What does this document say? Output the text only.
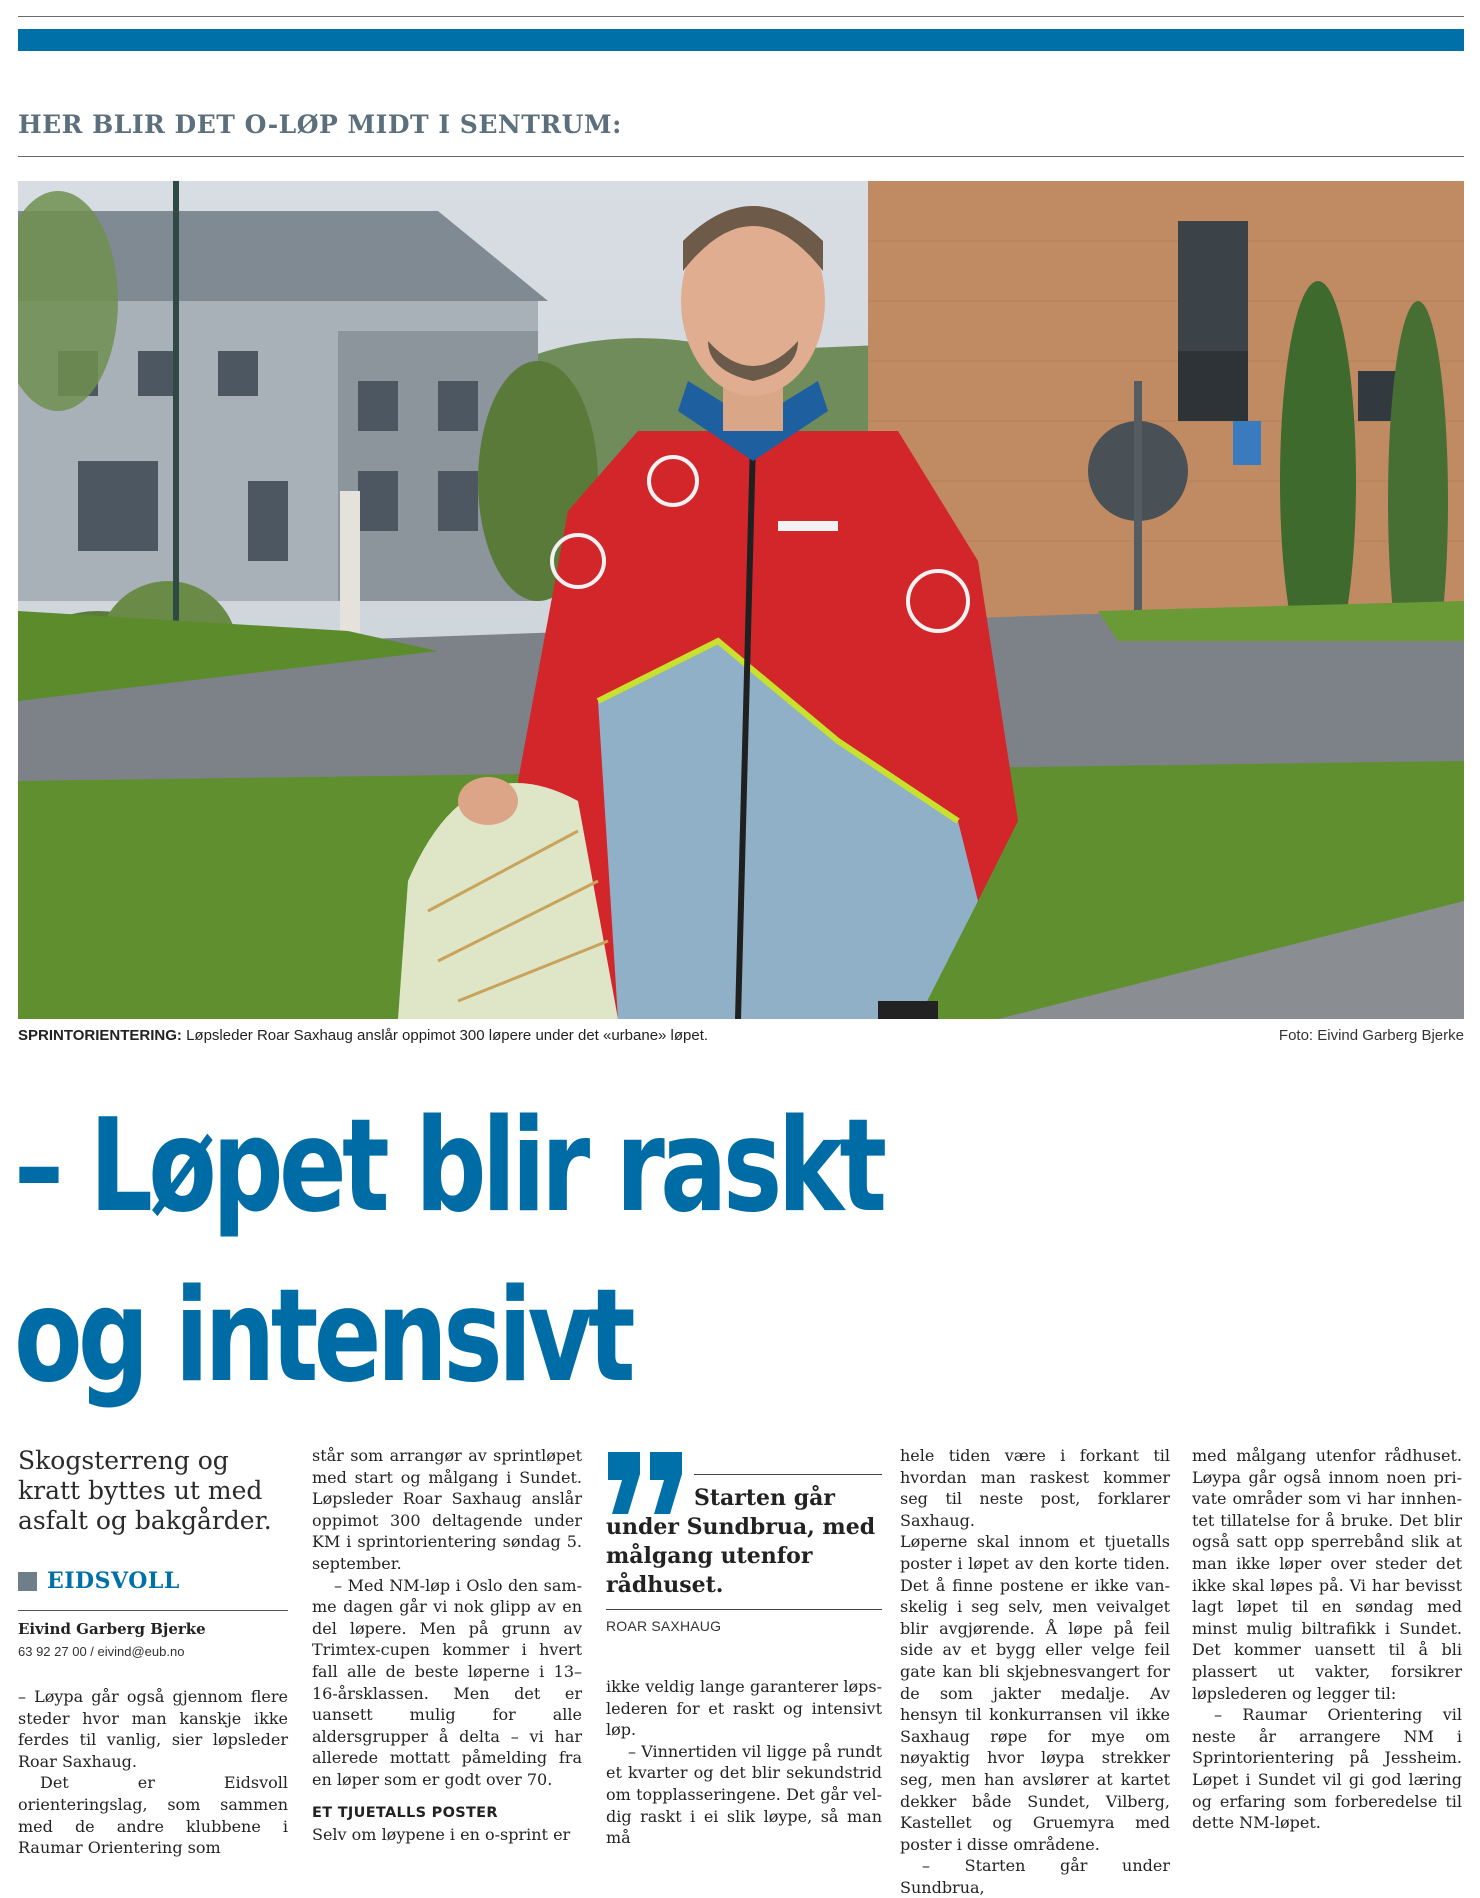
HER BLIR DET O-LØP MIDT I SENTRUM:
SPRINTORIENTERING: Løpsleder Roar Saxhaug anslår oppimot 300 løpere under det «urbane» løpet.	Foto: Eivind Garberg Bjerke
– Løpet blir raskt
og intensivt
Skogsterreng og kratt byttes ut med asfalt og bakgårder.
EIDSVOLL
Eivind Garberg Bjerke
63 92 27 00 / eivind@eub.no

– Løypa går også gjennom flere steder hvor man kanskje ikke ferdes til vanlig, sier løpsleder Roar Saxhaug.

Det er Eidsvoll orienteringslag, som sammen med de andre klubbene i Raumar Orientering som

står som arrangør av sprintløpet med start og målgang i Sundet. Løpsleder Roar Saxhaug anslår oppimot 300 deltagende under KM i sprintorientering søndag 5. september.

– Med NM-løp i Oslo den samme dagen går vi nok glipp av en del løpere. Men på grunn av Trimtex-cupen kommer i hvert fall alle de beste løperne i 13–16-årsklassen. Men det er uansett mulig for alle aldersgrupper å delta – vi har allerede mottatt påmelding fra en løper som er godt over 70.

ET TJUETALLS POSTER

Selv om løypene i en o-sprint er

Starten går under Sundbrua, med målgang utenfor rådhuset.
ROAR SAXHAUG

ikke veldig lange garanterer løpslederen for et raskt og intensivt løp.

– Vinnertiden vil ligge på rundt et kvarter og det blir sekundstrid om topplasseringene. Det går veldig raskt i ei slik løype, så man må

hele tiden være i forkant til hvordan man raskest kommer seg til neste post, forklarer Saxhaug.

Løperne skal innom et tjuetalls poster i løpet av den korte tiden. Det å finne postene er ikke vanskelig i seg selv, men veivalget blir avgjørende. Å løpe på feil side av et bygg eller velge feil gate kan bli skjebnesvangert for de som jakter medalje. Av hensyn til konkurransen vil ikke Saxhaug røpe for mye om nøyaktig hvor løypa strekker seg, men han avslører at kartet dekker både Sundet, Vilberg, Kastellet og Gruemyra med poster i disse områdene.

– Starten går under Sundbrua,

med målgang utenfor rådhuset. Løypa går også innom noen private områder som vi har innhentet tillatelse for å bruke. Det blir også satt opp sperrebånd slik at man ikke løper over steder det ikke skal løpes på. Vi har bevisst lagt løpet til en søndag med minst mulig biltrafikk i Sundet. Det kommer uansett til å bli plassert ut vakter, forsikrer løpslederen og legger til:

– Raumar Orientering vil neste år arrangere NM i Sprintorientering på Jessheim. Løpet i Sundet vil gi god læring og erfaring som forberedelse til dette NM-løpet.
